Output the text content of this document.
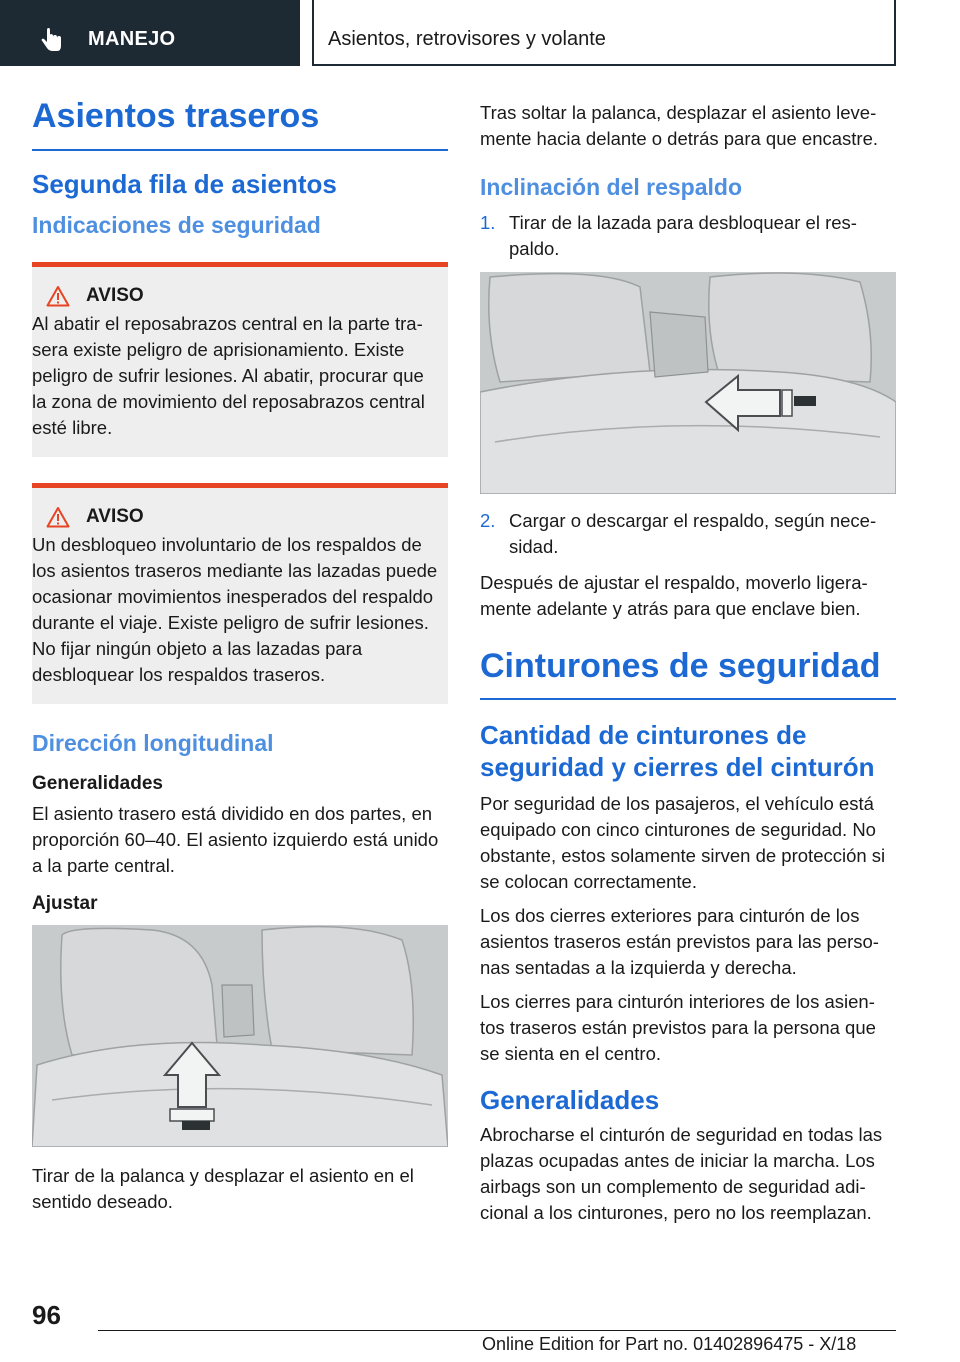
MANEJO	Asientos, retrovisores y volante
Asientos traseros
Segunda fila de asientos
Indicaciones de seguridad
AVISO

Al abatir el reposabrazos central en la parte tra‐sera existe peligro de aprisionamiento. Existe peligro de sufrir lesiones. Al abatir, procurar que la zona de movimiento del reposabrazos central esté libre.

AVISO

Un desbloqueo involuntario de los respaldos de los asientos traseros mediante las lazadas puede ocasionar movimientos inesperados del respaldo durante el viaje. Existe peligro de sufrir lesiones. No fijar ningún objeto a las lazadas para desbloquear los respaldos traseros.

Dirección longitudinal
Generalidades

El asiento trasero está dividido en dos partes, en proporción 60–40. El asiento izquierdo está unido a la parte central.

Ajustar

Tirar de la palanca y desplazar el asiento en el sentido deseado.

Tras soltar la palanca, desplazar el asiento leve‐mente hacia delante o detrás para que encastre.

Inclinación del respaldo
1. Tirar de la lazada para desbloquear el res‐paldo.
2. Cargar o descargar el respaldo, según nece‐sidad.

Después de ajustar el respaldo, moverlo ligera‐mente adelante y atrás para que enclave bien.

Cinturones de seguridad
Cantidad de cinturones de seguridad y cierres del cinturón

Por seguridad de los pasajeros, el vehículo está equipado con cinco cinturones de seguridad. No obstante, estos solamente sirven de protección si se colocan correctamente.

Los dos cierres exteriores para cinturón de los asientos traseros están previstos para las perso‐nas sentadas a la izquierda y derecha.

Los cierres para cinturón interiores de los asien‐tos traseros están previstos para la persona que se sienta en el centro.

Generalidades

Abrocharse el cinturón de seguridad en todas las plazas ocupadas antes de iniciar la marcha. Los airbags son un complemento de seguridad adi‐cional a los cinturones, pero no los reemplazan.

96
Online Edition for Part no. 01402896475 - X/18
